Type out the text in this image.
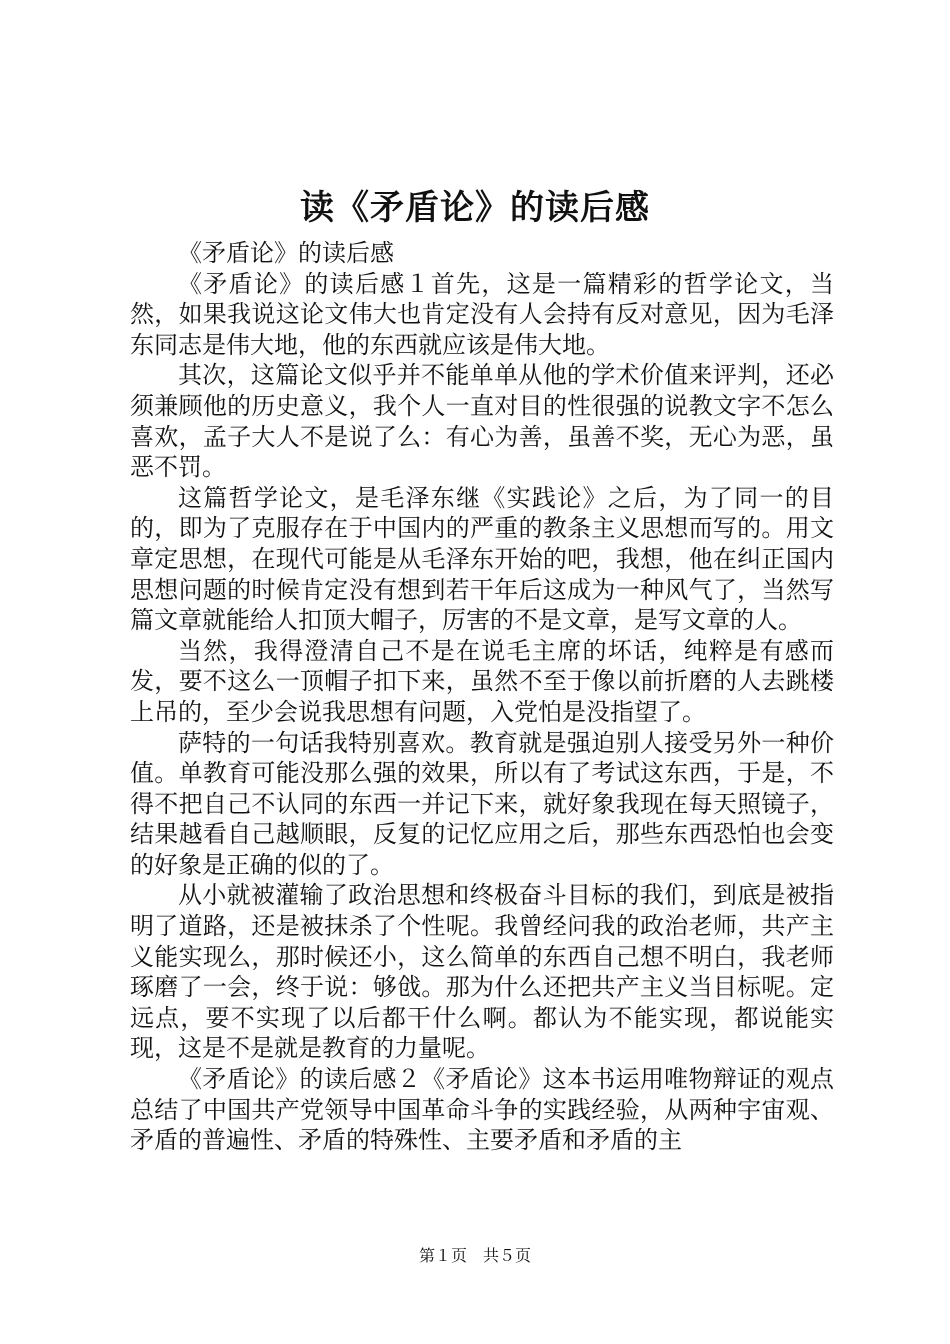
读《矛盾论》的读后感

《矛盾论》的读后感

《矛盾论》的读后感１首先，这是一篇精彩的哲学论文，当然，如果我说这论文伟大也肯定没有人会持有反对意见，因为毛泽东同志是伟大地，他的东西就应该是伟大地。

其次，这篇论文似乎并不能单单从他的学术价值来评判，还必须兼顾他的历史意义，我个人一直对目的性很强的说教文字不怎么喜欢，孟子大人不是说了么：有心为善，虽善不奖，无心为恶，虽恶不罚。

这篇哲学论文，是毛泽东继《实践论》之后，为了同一的目的，即为了克服存在于中国内的严重的教条主义思想而写的。用文章定思想，在现代可能是从毛泽东开始的吧，我想，他在纠正国内思想问题的时候肯定没有想到若干年后这成为一种风气了，当然写篇文章就能给人扣顶大帽子，厉害的不是文章，是写文章的人。

当然，我得澄清自己不是在说毛主席的坏话，纯粹是有感而发，要不这么一顶帽子扣下来，虽然不至于像以前折磨的人去跳楼上吊的，至少会说我思想有问题，入党怕是没指望了。

萨特的一句话我特别喜欢。教育就是强迫别人接受另外一种价值。单教育可能没那么强的效果，所以有了考试这东西，于是，不得不把自己不认同的东西一并记下来，就好象我现在每天照镜子，结果越看自己越顺眼，反复的记忆应用之后，那些东西恐怕也会变的好象是正确的似的了。

从小就被灌输了政治思想和终极奋斗目标的我们，到底是被指明了道路，还是被抹杀了个性呢。我曾经问我的政治老师，共产主义能实现么，那时候还小，这么简单的东西自己想不明白，我老师琢磨了一会，终于说：够戗。那为什么还把共产主义当目标呢。定远点，要不实现了以后都干什么啊。都认为不能实现，都说能实现，这是不是就是教育的力量呢。

《矛盾论》的读后感２《矛盾论》这本书运用唯物辩证的观点总结了中国共产党领导中国革命斗争的实践经验，从两种宇宙观、矛盾的普遍性、矛盾的特殊性、主要矛盾和矛盾的主

第１页　共５页
